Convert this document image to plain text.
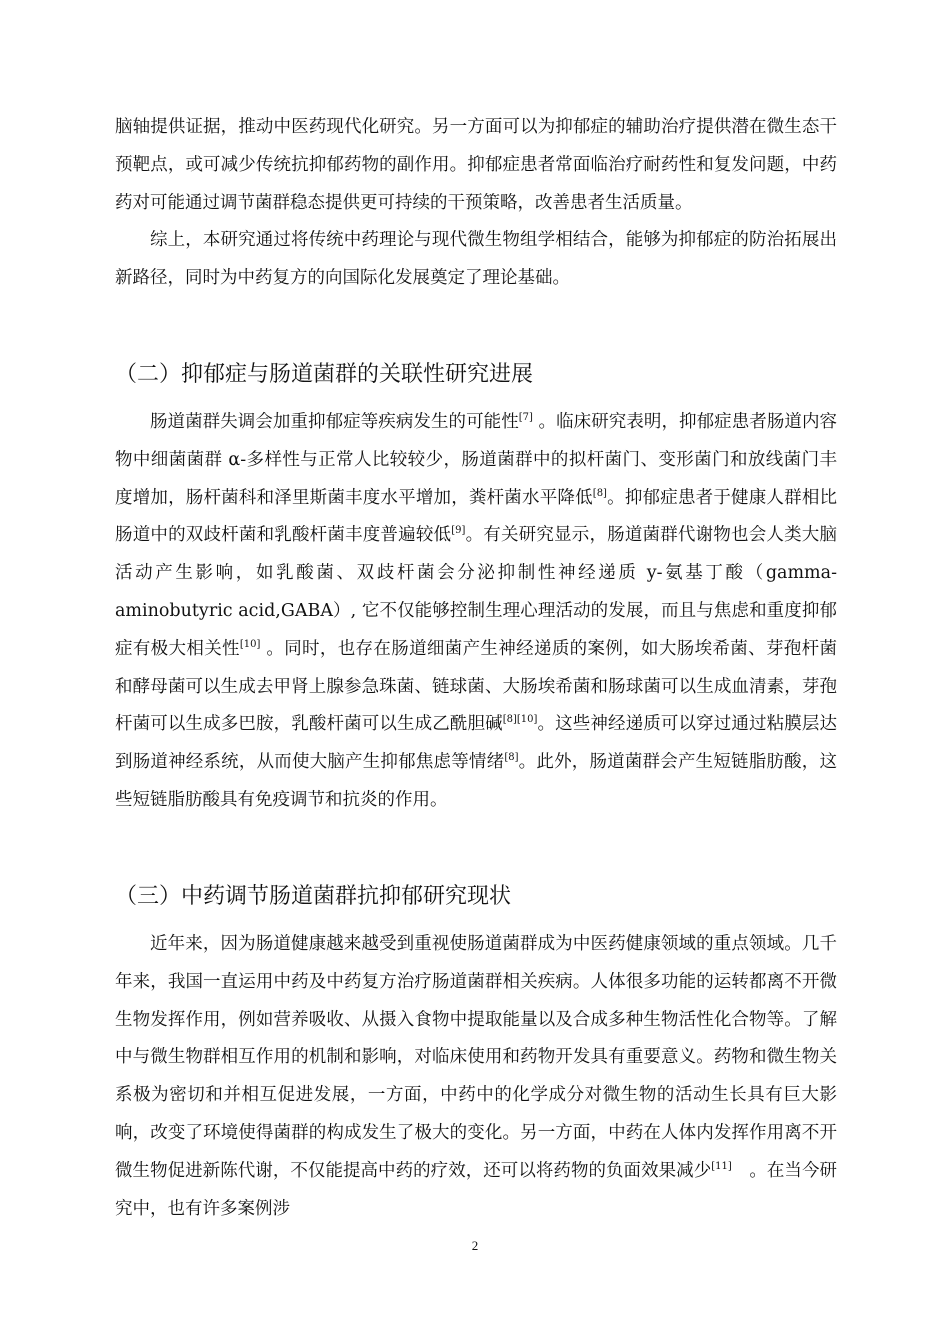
脑轴提供证据，推动中医药现代化研究。另一方面可以为抑郁症的辅助治疗提供潜在微生态干预靶点，或可减少传统抗抑郁药物的副作用。抑郁症患者常面临治疗耐药性和复发问题，中药药对可能通过调节菌群稳态提供更可持续的干预策略，改善患者生活质量。

综上，本研究通过将传统中药理论与现代微生物组学相结合，能够为抑郁症的防治拓展出新路径，同时为中药复方的向国际化发展奠定了理论基础。

（二）抑郁症与肠道菌群的关联性研究进展

肠道菌群失调会加重抑郁症等疾病发生的可能性[7] 。临床研究表明，抑郁症患者肠道内容物中细菌菌群 α-多样性与正常人比较较少，肠道菌群中的拟杆菌门、变形菌门和放线菌门丰度增加，肠杆菌科和泽里斯菌丰度水平增加，粪杆菌水平降低[8]。抑郁症患者于健康人群相比肠道中的双歧杆菌和乳酸杆菌丰度普遍较低[9]。有关研究显示，肠道菌群代谢物也会人类大脑活动产生影响，如乳酸菌、双歧杆菌会分泌抑制性神经递质 y-氨基丁酸（gamma-aminobutyric acid,GABA）, 它不仅能够控制生理心理活动的发展，而且与焦虑和重度抑郁症有极大相关性[10] 。同时，也存在肠道细菌产生神经递质的案例，如大肠埃希菌、芽孢杆菌和酵母菌可以生成去甲肾上腺参急珠菌、链球菌、大肠埃希菌和肠球菌可以生成血清素，芽孢杆菌可以生成多巴胺，乳酸杆菌可以生成乙酰胆碱[8][10]。这些神经递质可以穿过通过粘膜层达到肠道神经系统，从而使大脑产生抑郁焦虑等情绪[8]。此外，肠道菌群会产生短链脂肪酸，这些短链脂肪酸具有免疫调节和抗炎的作用。

（三）中药调节肠道菌群抗抑郁研究现状

近年来，因为肠道健康越来越受到重视使肠道菌群成为中医药健康领域的重点领域。几千年来，我国一直运用中药及中药复方治疗肠道菌群相关疾病。人体很多功能的运转都离不开微生物发挥作用，例如营养吸收、从摄入食物中提取能量以及合成多种生物活性化合物等。了解中与微生物群相互作用的机制和影响，对临床使用和药物开发具有重要意义。药物和微生物关系极为密切和并相互促进发展，一方面，中药中的化学成分对微生物的活动生长具有巨大影响，改变了环境使得菌群的构成发生了极大的变化。另一方面，中药在人体内发挥作用离不开微生物促进新陈代谢，不仅能提高中药的疗效，还可以将药物的负面效果减少[11]　。在当今研究中，也有许多案例涉

2
